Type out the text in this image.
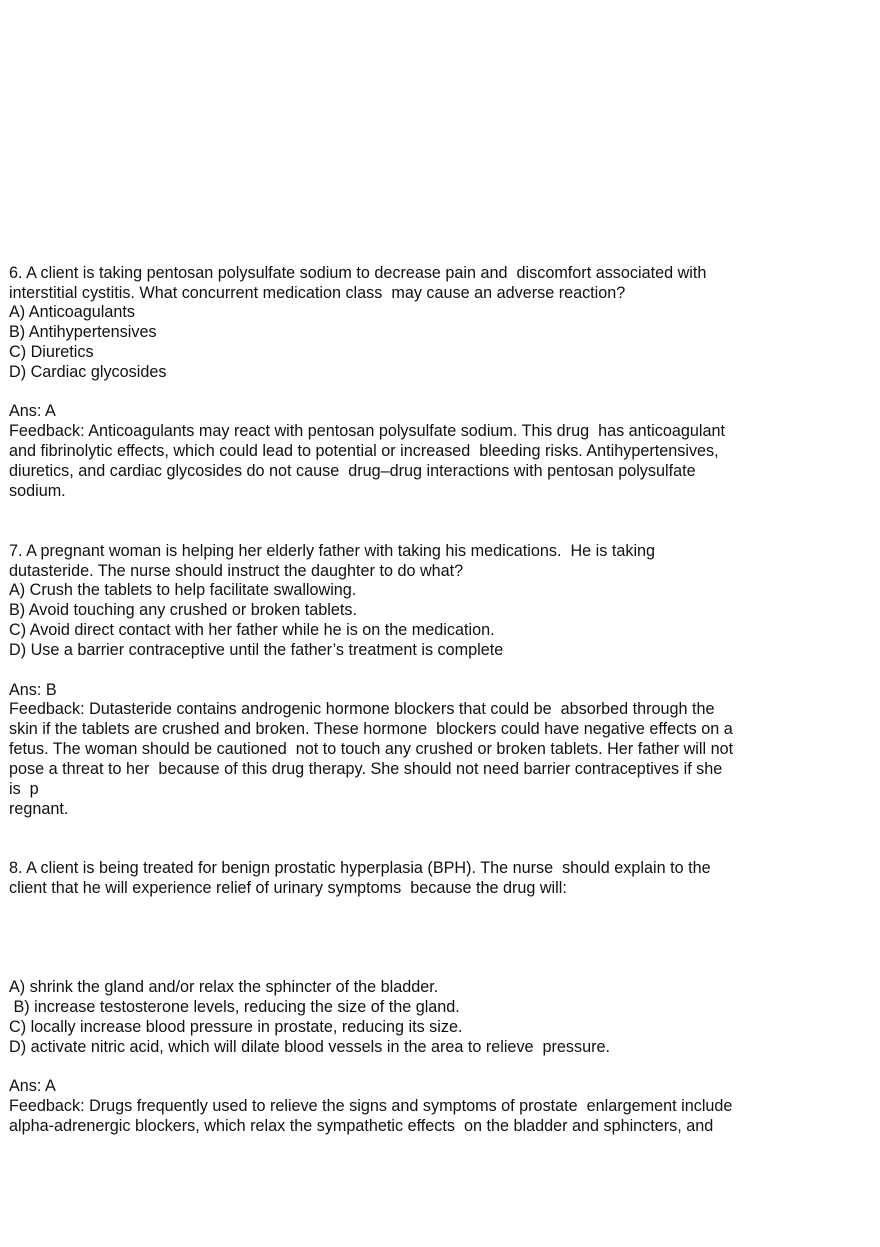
6. A client is taking pentosan polysulfate sodium to decrease pain and  discomfort associated with
interstitial cystitis. What concurrent medication class  may cause an adverse reaction?
A) Anticoagulants
B) Antihypertensives
C) Diuretics
D) Cardiac glycosides
Ans: A
Feedback: Anticoagulants may react with pentosan polysulfate sodium. This drug  has anticoagulant
and fibrinolytic effects, which could lead to potential or increased  bleeding risks. Antihypertensives,
diuretics, and cardiac glycosides do not cause  drug–drug interactions with pentosan polysulfate
sodium.
7. A pregnant woman is helping her elderly father with taking his medications.  He is taking
dutasteride. The nurse should instruct the daughter to do what?
A) Crush the tablets to help facilitate swallowing.
B) Avoid touching any crushed or broken tablets.
C) Avoid direct contact with her father while he is on the medication.
D) Use a barrier contraceptive until the father’s treatment is complete
Ans: B
Feedback: Dutasteride contains androgenic hormone blockers that could be  absorbed through the
skin if the tablets are crushed and broken. These hormone  blockers could have negative effects on a
fetus. The woman should be cautioned  not to touch any crushed or broken tablets. Her father will not
pose a threat to her  because of this drug therapy. She should not need barrier contraceptives if she
is  p
regnant.
8. A client is being treated for benign prostatic hyperplasia (BPH). The nurse  should explain to the
client that he will experience relief of urinary symptoms  because the drug will:
A) shrink the gland and/or relax the sphincter of the bladder.
B) increase testosterone levels, reducing the size of the gland.
C) locally increase blood pressure in prostate, reducing its size.
D) activate nitric acid, which will dilate blood vessels in the area to relieve  pressure.
Ans: A
Feedback: Drugs frequently used to relieve the signs and symptoms of prostate  enlargement include
alpha-adrenergic blockers, which relax the sympathetic effects  on the bladder and sphincters, and
